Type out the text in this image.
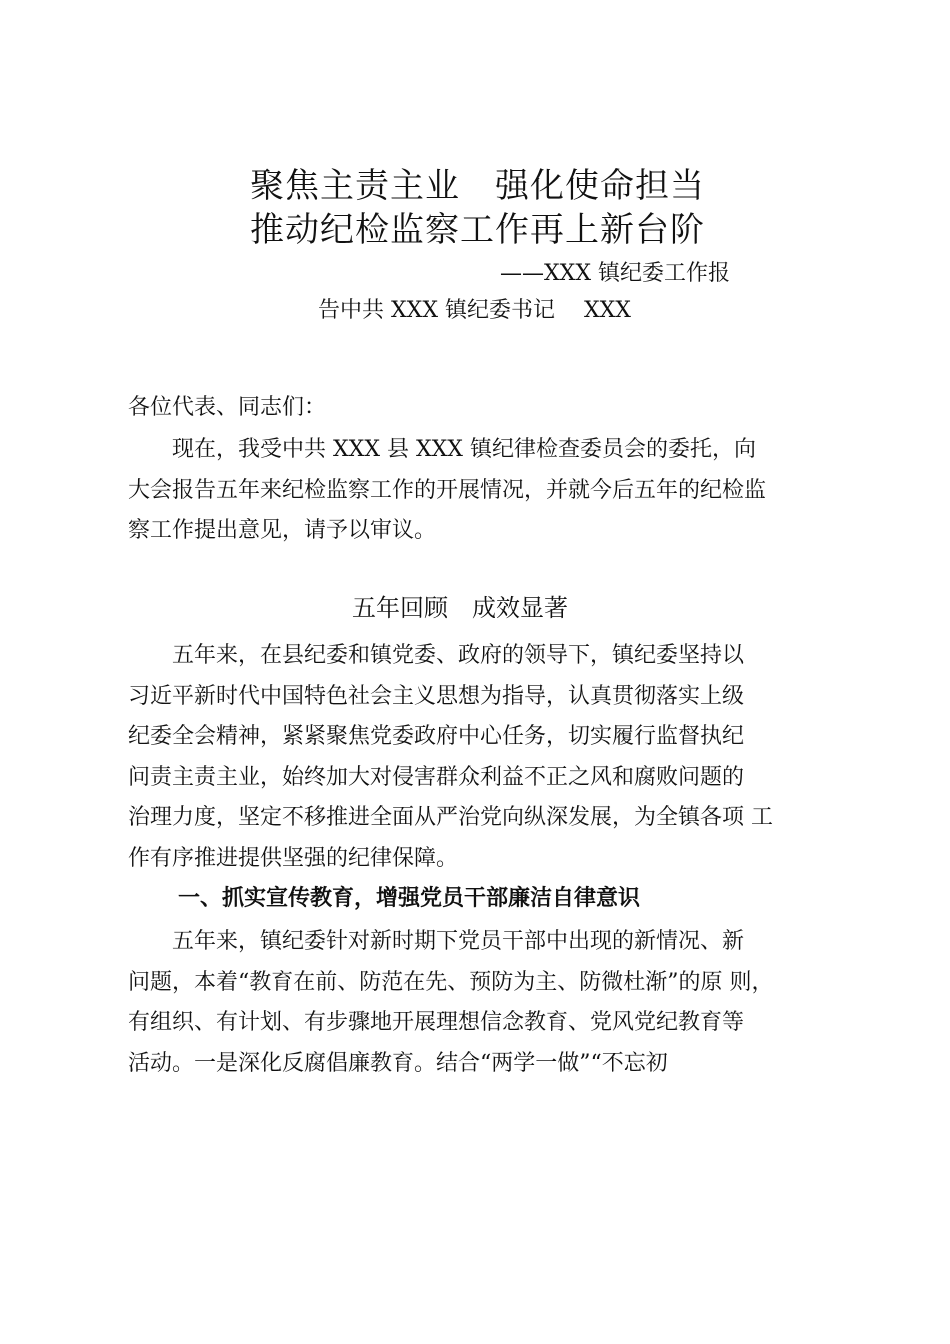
聚焦主责主业　强化使命担当
推动纪检监察工作再上新台阶
——XXX 镇纪委工作报
告中共 XXX 镇纪委书记　 XXX
各位代表、同志们：
　　现在，我受中共 XXX 县 XXX 镇纪律检查委员会的委托，向
大会报告五年来纪检监察工作的开展情况，并就今后五年的纪检监
察工作提出意见，请予以审议。
五年回顾　成效显著
　　五年来，在县纪委和镇党委、政府的领导下，镇纪委坚持以
习近平新时代中国特色社会主义思想为指导，认真贯彻落实上级
纪委全会精神，紧紧聚焦党委政府中心任务，切实履行监督执纪
问责主责主业，始终加大对侵害群众利益不正之风和腐败问题的
治理力度，坚定不移推进全面从严治党向纵深发展，为全镇各项 工
作有序推进提供坚强的纪律保障。
一、抓实宣传教育，增强党员干部廉洁自律意识
　　五年来，镇纪委针对新时期下党员干部中出现的新情况、新
问题，本着“教育在前、防范在先、预防为主、防微杜渐”的原 则，
有组织、有计划、有步骤地开展理想信念教育、党风党纪教育等
活动。一是深化反腐倡廉教育。结合“两学一做”“不忘初
